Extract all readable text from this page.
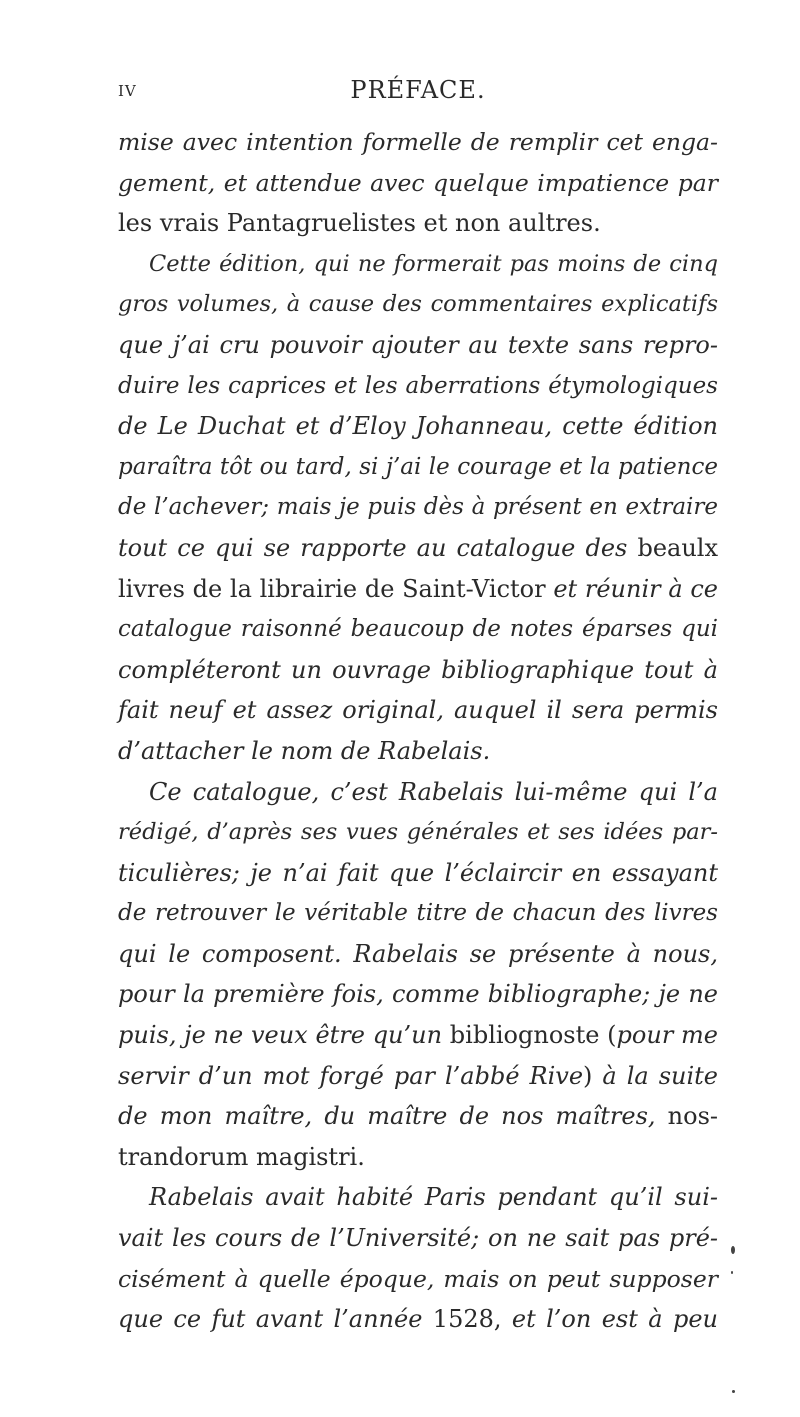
IV	PRÉFACE.
mise avec intention formelle de remplir cet enga-
gement, et attendue avec quelque impatience par
les vrais Pantagruelistes et non aultres.
Cette édition, qui ne formerait pas moins de cinq
gros volumes, à cause des commentaires explicatifs
que j’ai cru pouvoir ajouter au texte sans repro-
duire les caprices et les aberrations étymologiques
de Le Duchat et d’Eloy Johanneau, cette édition
paraîtra tôt ou tard, si j’ai le courage et la patience
de l’achever; mais je puis dès à présent en extraire
tout ce qui se rapporte au catalogue des beaulx
livres de la librairie de Saint-Victor et réunir à ce
catalogue raisonné beaucoup de notes éparses qui
compléteront un ouvrage bibliographique tout à
fait neuf et assez original, auquel il sera permis
d’attacher le nom de Rabelais.
Ce catalogue, c’est Rabelais lui-même qui l’a
rédigé, d’après ses vues générales et ses idées par-
ticulières; je n’ai fait que l’éclaircir en essayant
de retrouver le véritable titre de chacun des livres
qui le composent. Rabelais se présente à nous,
pour la première fois, comme bibliographe; je ne
puis, je ne veux être qu’un bibliognoste (pour me
servir d’un mot forgé par l’abbé Rive) à la suite
de mon maître, du maître de nos maîtres, nos-
trandorum magistri.
Rabelais avait habité Paris pendant qu’il sui-
vait les cours de l’Université; on ne sait pas pré-
cisément à quelle époque, mais on peut supposer
que ce fut avant l’année 1528, et l’on est à peu
